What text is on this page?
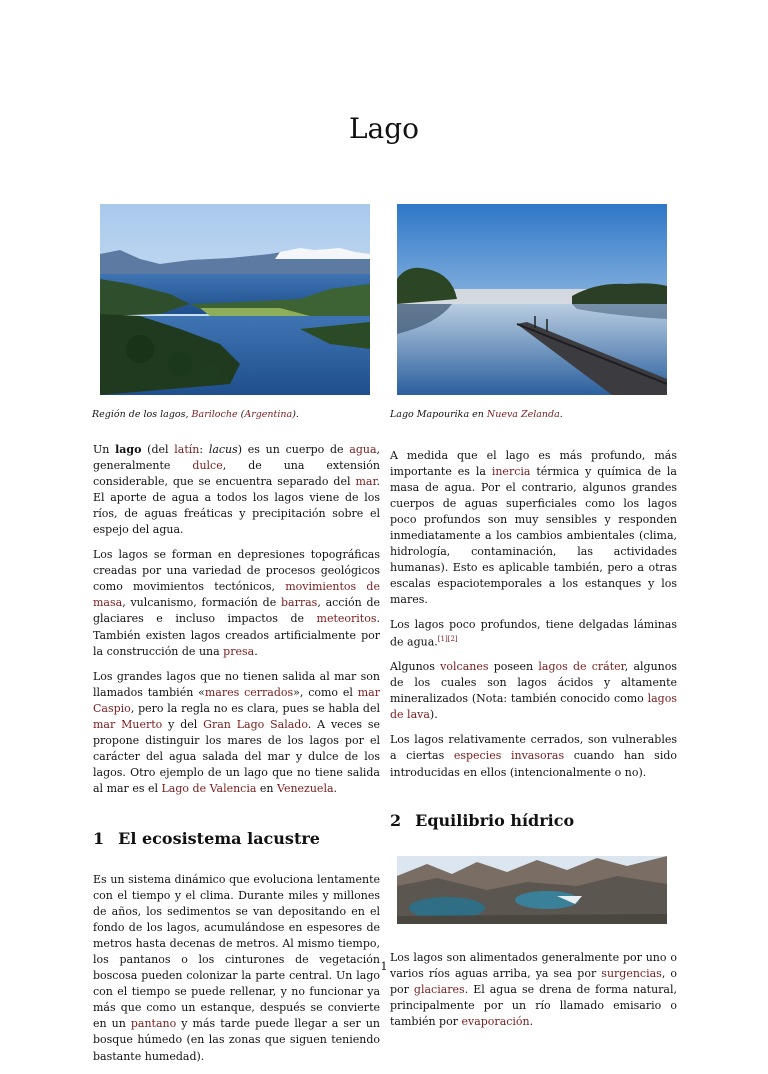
Lago

Región de los lagos, Bariloche (Argentina).	Lago Mapourika en Nueva Zelanda.

Un lago (del latín: lacus) es un cuerpo de agua, generalmente dulce, de una extensión considerable, que se encuentra separado del mar. El aporte de agua a todos los lagos viene de los ríos, de aguas freáticas y precipitación sobre el espejo del agua.

Los lagos se forman en depresiones topográficas creadas por una variedad de procesos geológicos como movimientos tectónicos, movimientos de masa, vulcanismo, formación de barras, acción de glaciares e incluso impactos de meteoritos. También existen lagos creados artificialmente por la construcción de una presa.

Los grandes lagos que no tienen salida al mar son llamados también «mares cerrados», como el mar Caspio, pero la regla no es clara, pues se habla del mar Muerto y del Gran Lago Salado. A veces se propone distinguir los mares de los lagos por el carácter del agua salada del mar y dulce de los lagos. Otro ejemplo de un lago que no tiene salida al mar es el Lago de Valencia en Venezuela.

1 El ecosistema lacustre

Es un sistema dinámico que evoluciona lentamente con el tiempo y el clima. Durante miles y millones de años, los sedimentos se van depositando en el fondo de los lagos, acumulándose en espesores de metros hasta decenas de metros. Al mismo tiempo, los pantanos o los cinturones de vegetación boscosa pueden colonizar la parte central. Un lago con el tiempo se puede rellenar, y no funcionar ya más que como un estanque, después se convierte en un pantano y más tarde puede llegar a ser un bosque húmedo (en las zonas que siguen teniendo bastante humedad).

A medida que el lago es más profundo, más importante es la inercia térmica y química de la masa de agua. Por el contrario, algunos grandes cuerpos de aguas superficiales como los lagos poco profundos son muy sensibles y responden inmediatamente a los cambios ambientales (clima, hidrología, contaminación, las actividades humanas). Esto es aplicable también, pero a otras escalas espaciotemporales a los estanques y los mares.

Los lagos poco profundos, tiene delgadas láminas de agua.[1][2]

Algunos volcanes poseen lagos de cráter, algunos de los cuales son lagos ácidos y altamente mineralizados (Nota: también conocido como lagos de lava).

Los lagos relativamente cerrados, son vulnerables a ciertas especies invasoras cuando han sido introducidas en ellos (intencionalmente o no).

2 Equilibrio hídrico

Los lagos son alimentados generalmente por uno o varios ríos aguas arriba, ya sea por surgencias, o por glaciares. El agua se drena de forma natural, principalmente por un río llamado emisario o también por evaporación.

1
